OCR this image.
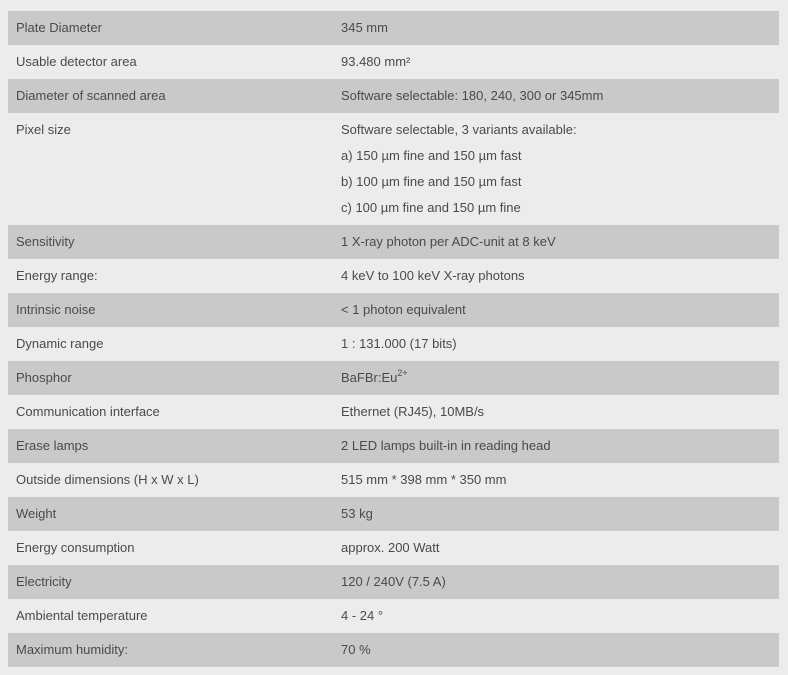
Plate Diameter	345 mm
Usable detector area	93.480 mm²
Diameter of scanned area	Software selectable: 180, 240, 300 or 345mm

Pixel size	Software selectable, 3 variants available:
a) 150 µm fine and 150 µm fast
b) 100 µm fine and 150 µm fast
c) 100 µm fine and 150 µm fine

Sensitivity	1 X-ray photon per ADC-unit at 8 keV
Energy range:	4 keV to 100 keV X-ray photons
Intrinsic noise	< 1 photon equivalent
Dynamic range	1 : 131.000 (17 bits)
Phosphor	$BaFBr:Eu^{2+}$
Communication interface	Ethernet (RJ45), 10MB/s
Erase lamps	2 LED lamps built-in in reading head
Outside dimensions (H x W x L)	515 mm * 398 mm * 350 mm
Weight	53 kg
Energy consumption	approx. 200 Watt
Electricity	120 / 240V (7.5 A)
Ambiental temperature	4 - 24 °
Maximum humidity:	70 %
